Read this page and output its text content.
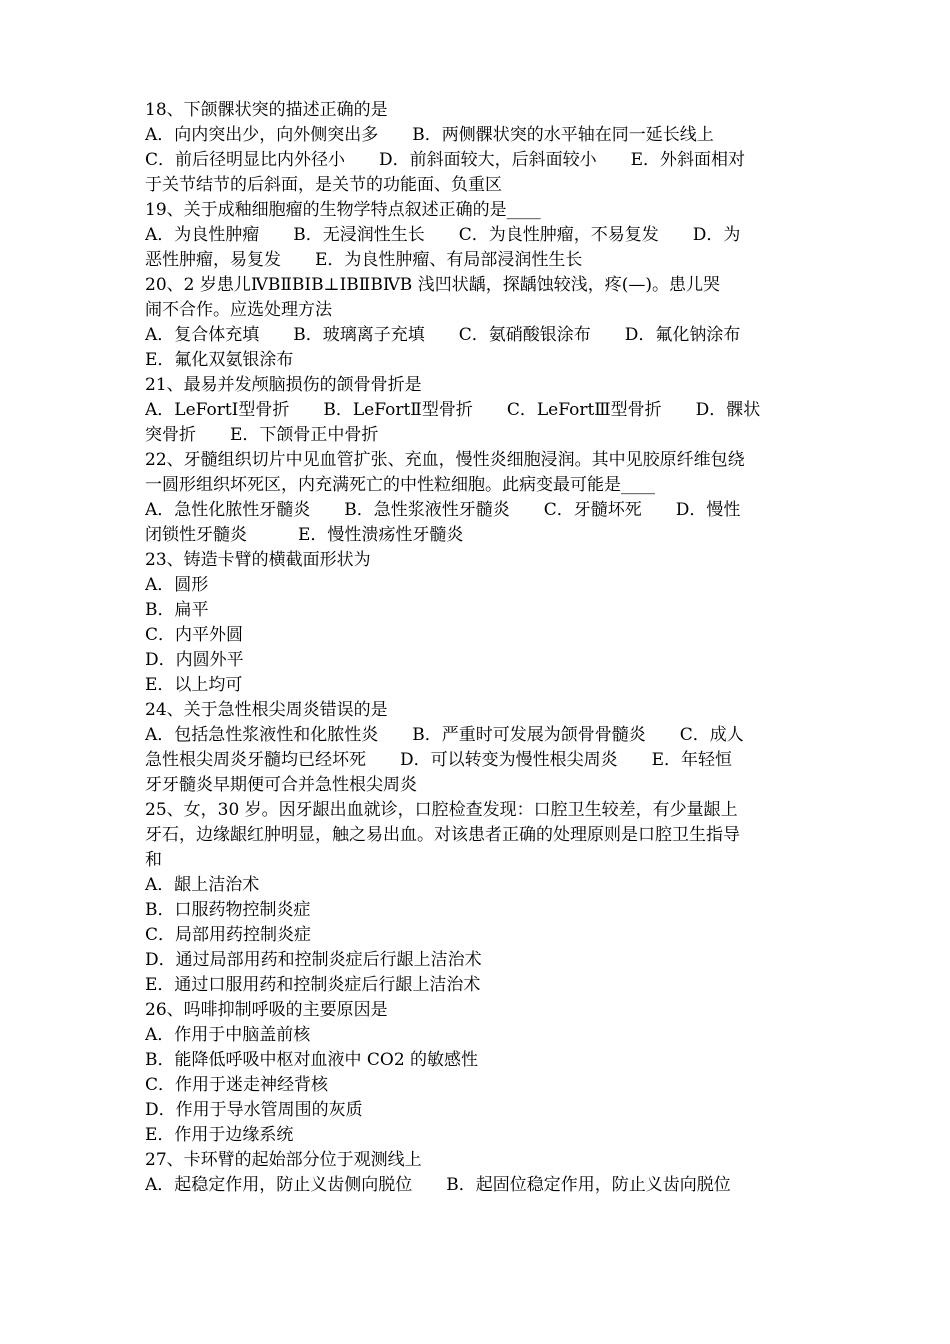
18、下颌髁状突的描述正确的是
A．向内突出少，向外侧突出多　　B．两侧髁状突的水平轴在同一延长线上
C．前后径明显比内外径小　　D．前斜面较大，后斜面较小　　E．外斜面相对
于关节结节的后斜面，是关节的功能面、负重区
19、关于成釉细胞瘤的生物学特点叙述正确的是____
A．为良性肿瘤　　B．无浸润性生长　　C．为良性肿瘤，不易复发　　D．为
恶性肿瘤，易复发　　E．为良性肿瘤、有局部浸润性生长
20、2 岁患儿ⅣBⅡBⅠB⊥ⅠBⅡBⅣB 浅凹状龋，探龋蚀较浅，疼(—)。患儿哭
闹不合作。应选处理方法
A．复合体充填　　B．玻璃离子充填　　C．氨硝酸银涂布　　D．氟化钠涂布
E．氟化双氨银涂布
21、最易并发颅脑损伤的颌骨骨折是
A．LeFortⅠ型骨折　　B．LeFortⅡ型骨折　　C．LeFortⅢ型骨折　　D．髁状
突骨折　　E．下颌骨正中骨折
22、牙髓组织切片中见血管扩张、充血，慢性炎细胞浸润。其中见胶原纤维包绕
一圆形组织坏死区，内充满死亡的中性粒细胞。此病变最可能是____
A．急性化脓性牙髓炎　　B．急性浆液性牙髓炎　　C．牙髓坏死　　D．慢性
闭锁性牙髓炎　　　E．慢性溃疡性牙髓炎
23、铸造卡臂的横截面形状为
A．圆形
B．扁平
C．内平外圆
D．内圆外平
E．以上均可
24、关于急性根尖周炎错误的是
A．包括急性浆液性和化脓性炎　　B．严重时可发展为颌骨骨髓炎　　C．成人
急性根尖周炎牙髓均已经坏死　　D．可以转变为慢性根尖周炎　　E．年轻恒
牙牙髓炎早期便可合并急性根尖周炎
25、女，30 岁。因牙龈出血就诊，口腔检查发现：口腔卫生较差，有少量龈上
牙石，边缘龈红肿明显，触之易出血。对该患者正确的处理原则是口腔卫生指导
和
A．龈上洁治术
B．口服药物控制炎症
C．局部用药控制炎症
D．通过局部用药和控制炎症后行龈上洁治术
E．通过口服用药和控制炎症后行龈上洁治术
26、吗啡抑制呼吸的主要原因是
A．作用于中脑盖前核
B．能降低呼吸中枢对血液中 CO2 的敏感性
C．作用于迷走神经背核
D．作用于导水管周围的灰质
E．作用于边缘系统
27、卡环臂的起始部分位于观测线上
A．起稳定作用，防止义齿侧向脱位　　B．起固位稳定作用，防止义齿向脱位
